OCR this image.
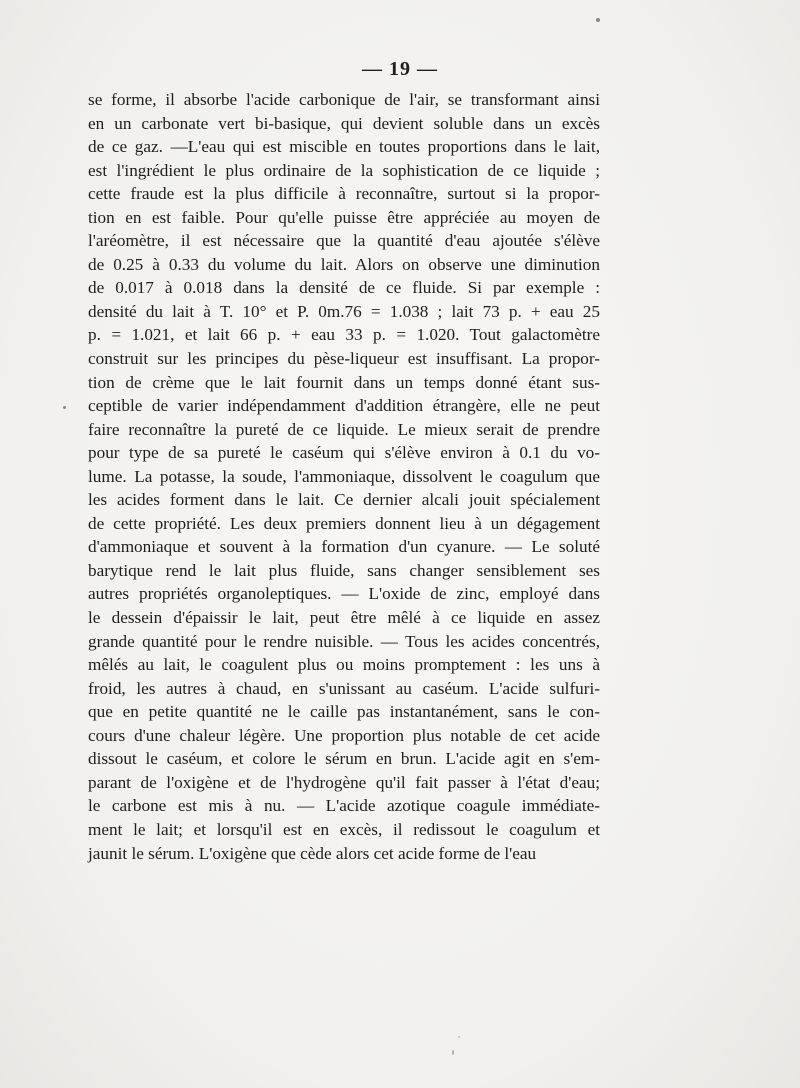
— 19 —
se forme, il absorbe l'acide carbonique de l'air, se transformant ainsi
en un carbonate vert bi-basique, qui devient soluble dans un excès
de ce gaz. —L'eau qui est miscible en toutes proportions dans le lait,
est l'ingrédient le plus ordinaire de la sophistication de ce liquide ;
cette fraude est la plus difficile à reconnaître, surtout si la propor-
tion en est faible. Pour qu'elle puisse être appréciée au moyen de
l'aréomètre, il est nécessaire que la quantité d'eau ajoutée s'élève
de 0.25 à 0.33 du volume du lait. Alors on observe une diminution
de 0.017 à 0.018 dans la densité de ce fluide. Si par exemple :
densité du lait à T. 10° et P. 0m.76 = 1.038 ; lait 73 p. + eau 25
p. = 1.021, et lait 66 p. + eau 33 p. = 1.020. Tout galactomètre
construit sur les principes du pèse-liqueur est insuffisant. La propor-
tion de crème que le lait fournit dans un temps donné étant sus-
ceptible de varier indépendamment d'addition étrangère, elle ne peut
faire reconnaître la pureté de ce liquide. Le mieux serait de prendre
pour type de sa pureté le caséum qui s'élève environ à 0.1 du vo-
lume. La potasse, la soude, l'ammoniaque, dissolvent le coagulum que
les acides forment dans le lait. Ce dernier alcali jouit spécialement
de cette propriété. Les deux premiers donnent lieu à un dégagement
d'ammoniaque et souvent à la formation d'un cyanure. — Le soluté
barytique rend le lait plus fluide, sans changer sensiblement ses
autres propriétés organoleptiques. — L'oxide de zinc, employé dans
le dessein d'épaissir le lait, peut être mêlé à ce liquide en assez
grande quantité pour le rendre nuisible. — Tous les acides concentrés,
mêlés au lait, le coagulent plus ou moins promptement : les uns à
froid, les autres à chaud, en s'unissant au caséum. L'acide sulfuri-
que en petite quantité ne le caille pas instantanément, sans le con-
cours d'une chaleur légère. Une proportion plus notable de cet acide
dissout le caséum, et colore le sérum en brun. L'acide agit en s'em-
parant de l'oxigène et de l'hydrogène qu'il fait passer à l'état d'eau;
le carbone est mis à nu. — L'acide azotique coagule immédiate-
ment le lait; et lorsqu'il est en excès, il redissout le coagulum et
jaunit le sérum. L'oxigène que cède alors cet acide forme de l'eau
